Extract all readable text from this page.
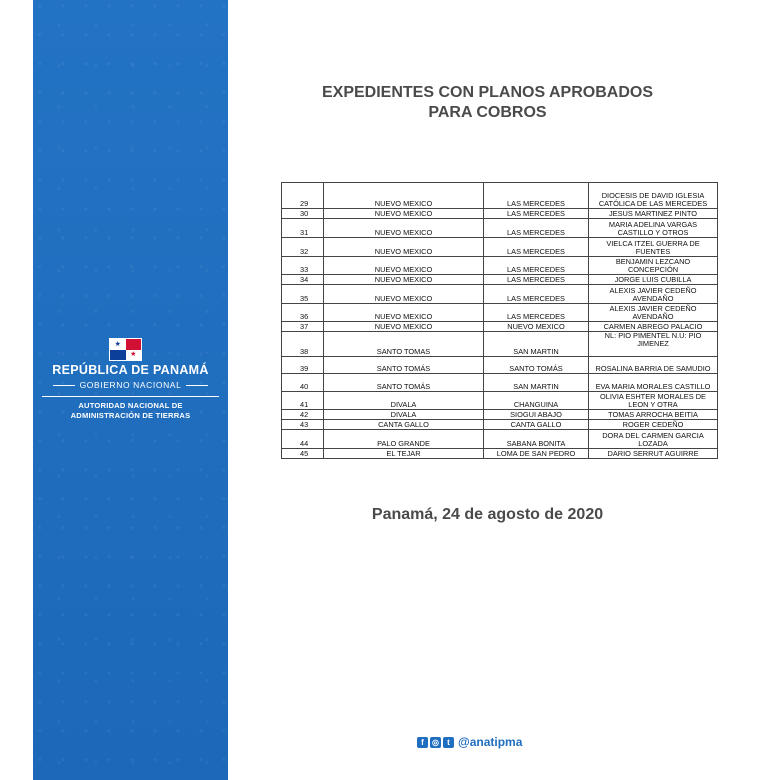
★
★
REPÚBLICA DE PANAMÁ
GOBIERNO NACIONAL
AUTORIDAD NACIONAL DE
ADMINISTRACIÓN DE TIERRAS
EXPEDIENTES CON PLANOS APROBADOS
PARA COBROS
29	NUEVO MEXICO	LAS MERCEDES	DIOCESIS DE DAVID IGLESIA
CATÓLICA DE LAS MERCEDES

30	NUEVO MEXICO	LAS MERCEDES	JESUS MARTINEZ PINTO

31	NUEVO MEXICO	LAS MERCEDES	MARIA ADELINA VARGAS
CASTILLO Y OTROS

32	NUEVO MEXICO	LAS MERCEDES	VIELCA ITZEL GUERRA DE
FUENTES

33	NUEVO MEXICO	LAS MERCEDES	BENJAMIN LEZCANO
CONCEPCIÓN

34	NUEVO MEXICO	LAS MERCEDES	JORGE LUIS CUBILLA

35	NUEVO MEXICO	LAS MERCEDES	ALEXIS JAVIER CEDEÑO
AVENDAÑO

36	NUEVO MEXICO	LAS MERCEDES	ALEXIS JAVIER CEDEÑO
AVENDAÑO

37	NUEVO MEXICO	NUEVO MEXICO	CARMEN ABREGO PALACIO

38	SANTO TOMAS	SAN MARTIN	NL: PIO PIMENTEL N.U: PIO
JIMENEZ

39	SANTO TOMÁS	SANTO TOMÁS	ROSALINA BARRIA DE SAMUDIO

40	SANTO TOMÁS	SAN MARTIN	EVA MARIA MORALES CASTILLO

41	DIVALA	CHANGUINA	OLIVIA ESHTER MORALES DE
LEON Y OTRA

42	DIVALA	SIOGUI ABAJO	TOMAS ARROCHA BEITIA

43	CANTA GALLO	CANTA GALLO	ROGER CEDEÑO

44	PALO GRANDE	SABANA BONITA	DORA DEL CARMEN GARCIA
LOZADA

45	EL TEJAR	LOMA DE SAN PEDRO	DARIO SERRUT AGUIRRE
Panamá, 24 de agosto de 2020
f	◎	t @anatipma
